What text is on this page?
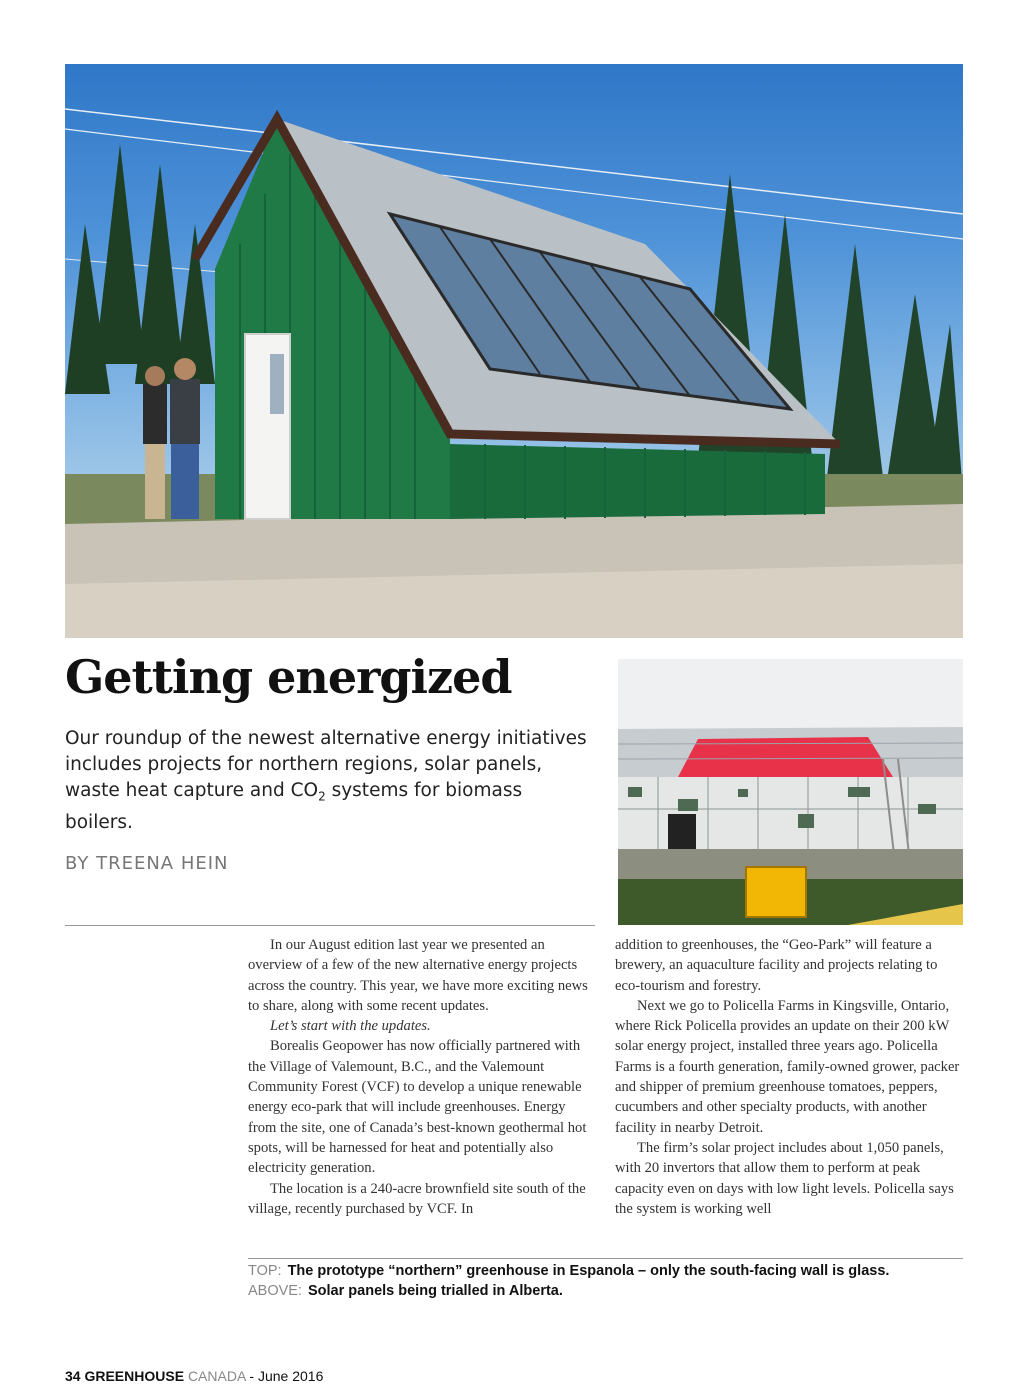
Getting energized

Our roundup of the newest alternative energy initiatives includes projects for northern regions, solar panels, waste heat capture and $CO_2$ systems for biomass boilers.

BY TREENA HEIN

In our August edition last year we presented an overview of a few of the new alternative energy projects across the country. This year, we have more exciting news to share, along with some recent updates.

Let’s start with the updates.

Borealis Geopower has now officially partnered with the Village of Valemount, B.C., and the Valemount Community Forest (VCF) to develop a unique renewable energy eco-park that will include greenhouses. Energy from the site, one of Canada’s best-known geothermal hot spots, will be harnessed for heat and potentially also electricity generation.

The location is a 240-acre brownfield site south of the village, recently purchased by VCF. In

addition to greenhouses, the “Geo-Park” will feature a brewery, an aquaculture facility and projects relating to eco-tourism and forestry.

Next we go to Policella Farms in Kingsville, Ontario, where Rick Policella provides an update on their 200 kW solar energy project, installed three years ago. Policella Farms is a fourth generation, family-owned grower, packer and shipper of premium greenhouse tomatoes, peppers, cucumbers and other specialty products, with another facility in nearby Detroit.

The firm’s solar project includes about 1,050 panels, with 20 invertors that allow them to perform at peak capacity even on days with low light levels. Policella says the system is working well

TOP: The prototype “northern” greenhouse in Espanola – only the south-facing wall is glass.

ABOVE: Solar panels being trialled in Alberta.

34 GREENHOUSE CANADA - June 2016
